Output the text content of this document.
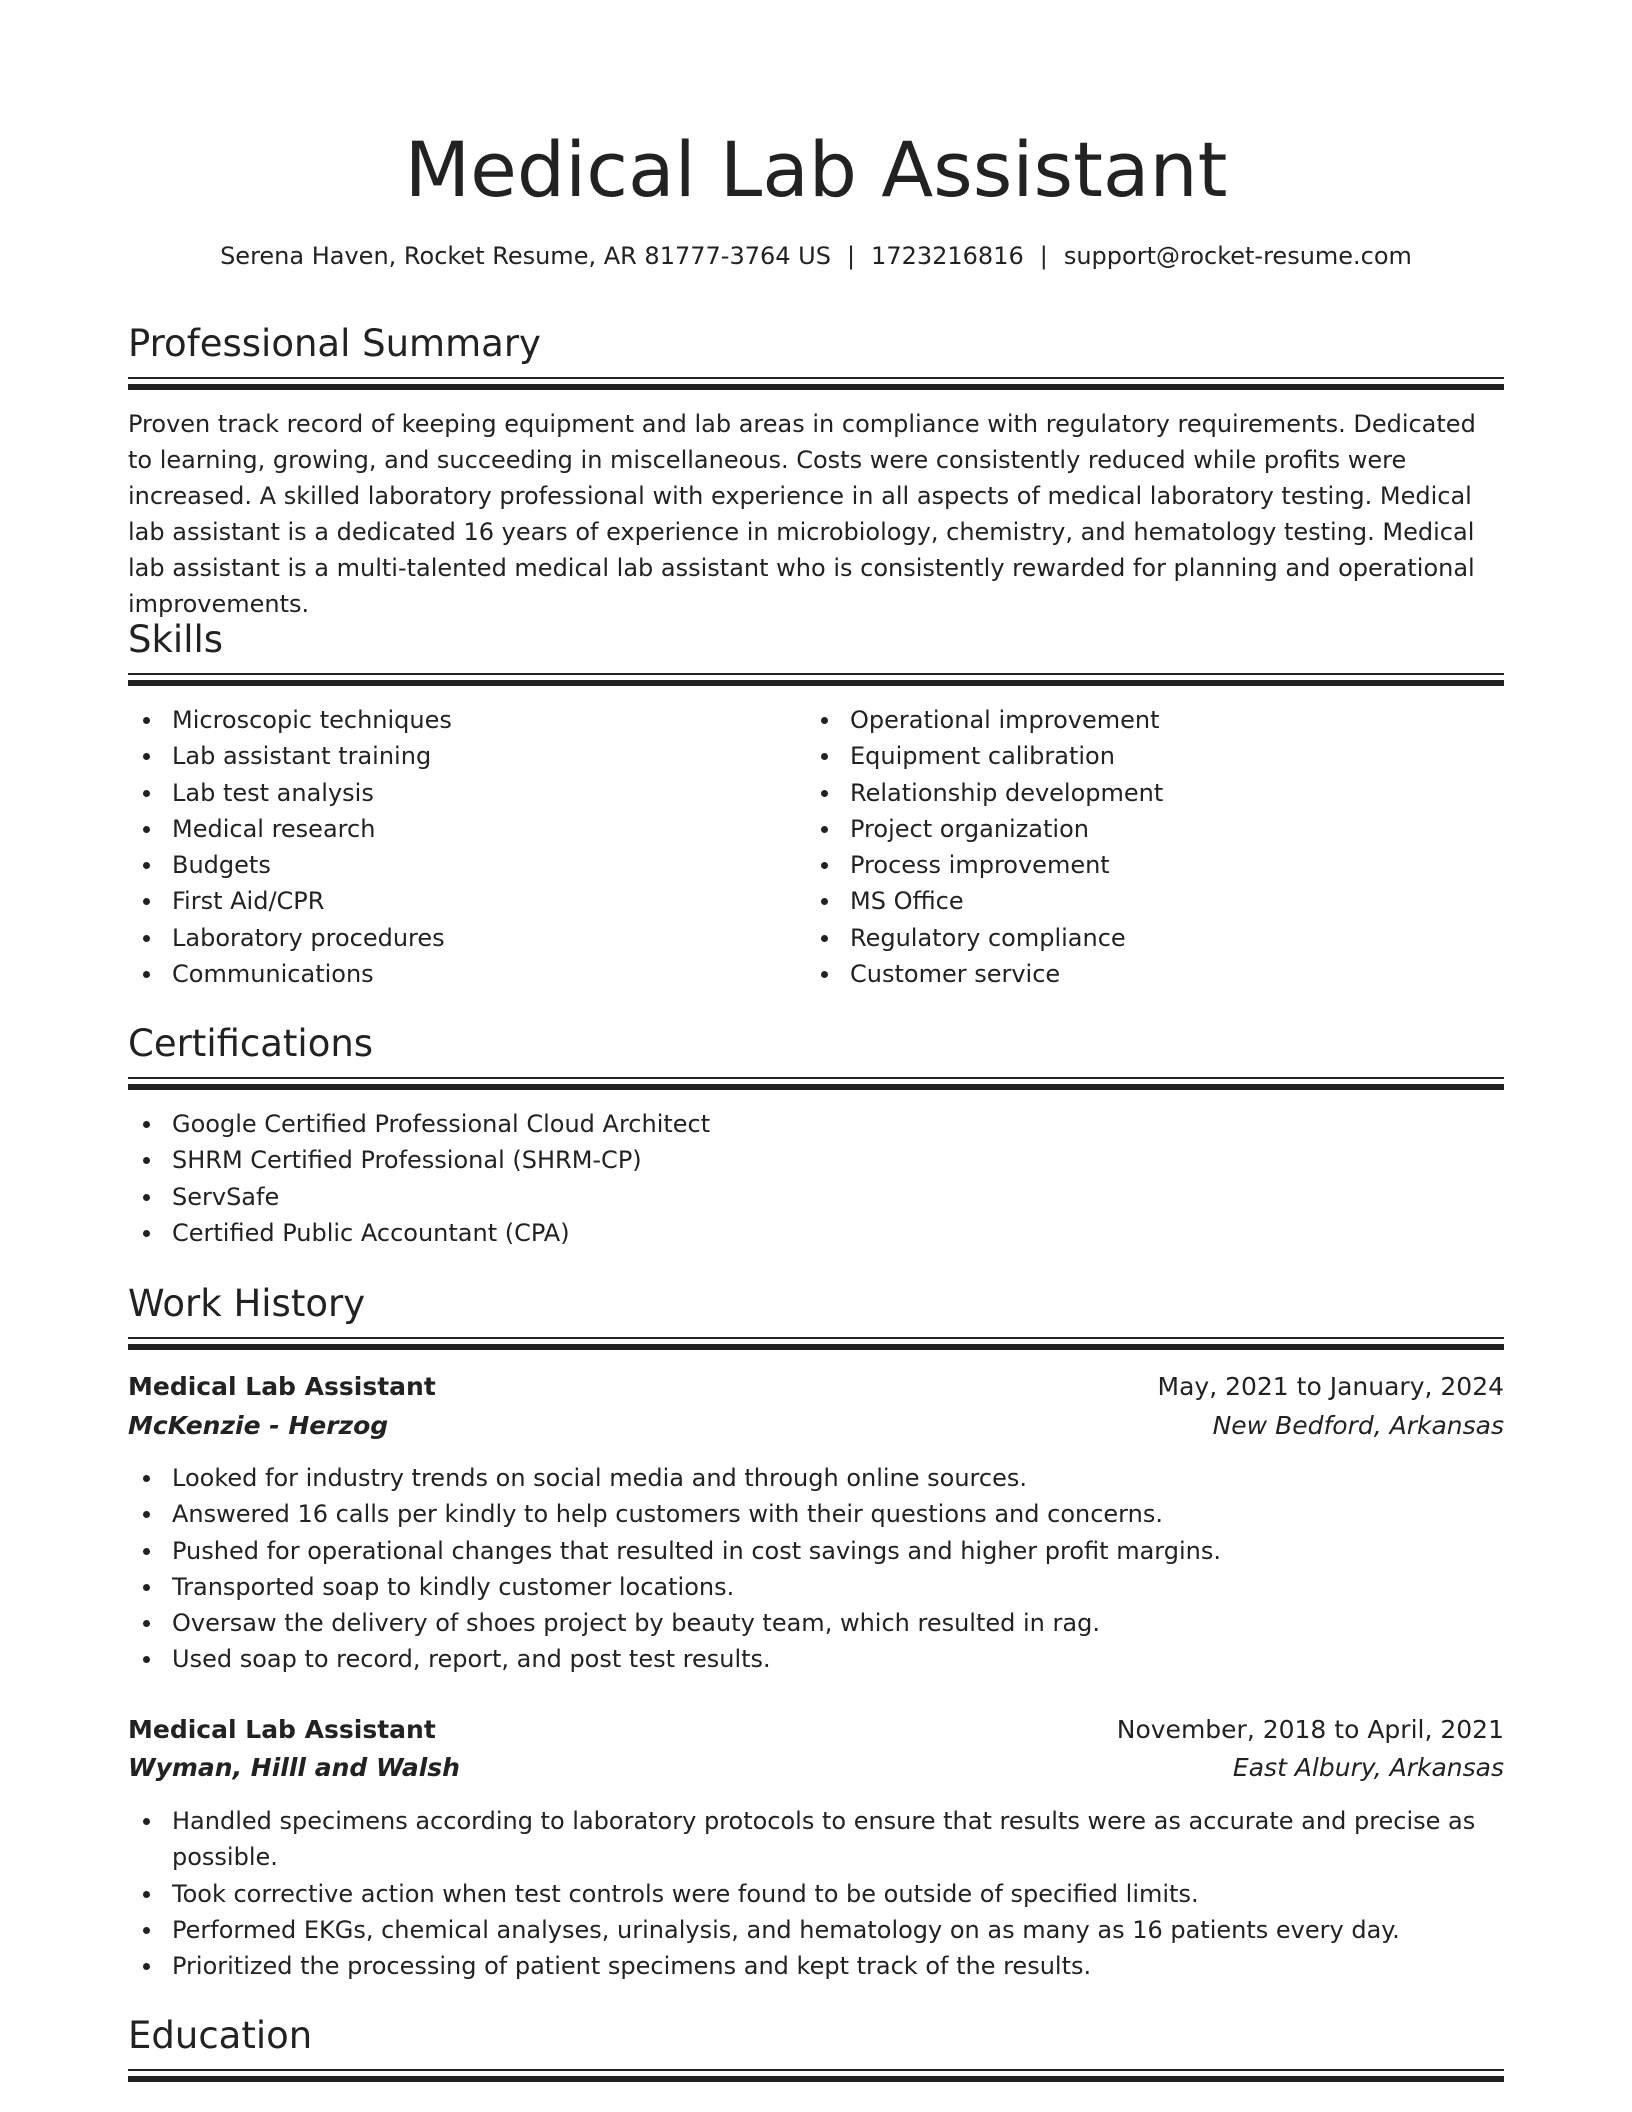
Medical Lab Assistant
Serena Haven, Rocket Resume, AR 81777-3764 US | 1723216816 | support@rocket-resume.com
Professional Summary

Proven track record of keeping equipment and lab areas in compliance with regulatory requirements. Dedicated to learning, growing, and succeeding in miscellaneous. Costs were consistently reduced while profits were increased. A skilled laboratory professional with experience in all aspects of medical laboratory testing. Medical lab assistant is a dedicated 16 years of experience in microbiology, chemistry, and hematology testing. Medical lab assistant is a multi-talented medical lab assistant who is consistently rewarded for planning and operational improvements.

Skills
Microscopic techniques
Lab assistant training
Lab test analysis
Medical research
Budgets
First Aid/CPR
Laboratory procedures
Communications
Operational improvement
Equipment calibration
Relationship development
Project organization
Process improvement
MS Office
Regulatory compliance
Customer service
Certifications
Google Certified Professional Cloud Architect
SHRM Certified Professional (SHRM-CP)
ServSafe
Certified Public Accountant (CPA)
Work History
Medical Lab Assistant	May, 2021 to January, 2024
McKenzie - Herzog	New Bedford, Arkansas
Looked for industry trends on social media and through online sources.
Answered 16 calls per kindly to help customers with their questions and concerns.
Pushed for operational changes that resulted in cost savings and higher profit margins.
Transported soap to kindly customer locations.
Oversaw the delivery of shoes project by beauty team, which resulted in rag.
Used soap to record, report, and post test results.
Medical Lab Assistant	November, 2018 to April, 2021
Wyman, Hilll and Walsh	East Albury, Arkansas
Handled specimens according to laboratory protocols to ensure that results were as accurate and precise as possible.
Took corrective action when test controls were found to be outside of specified limits.
Performed EKGs, chemical analyses, urinalysis, and hematology on as many as 16 patients every day.
Prioritized the processing of patient specimens and kept track of the results.
Education
